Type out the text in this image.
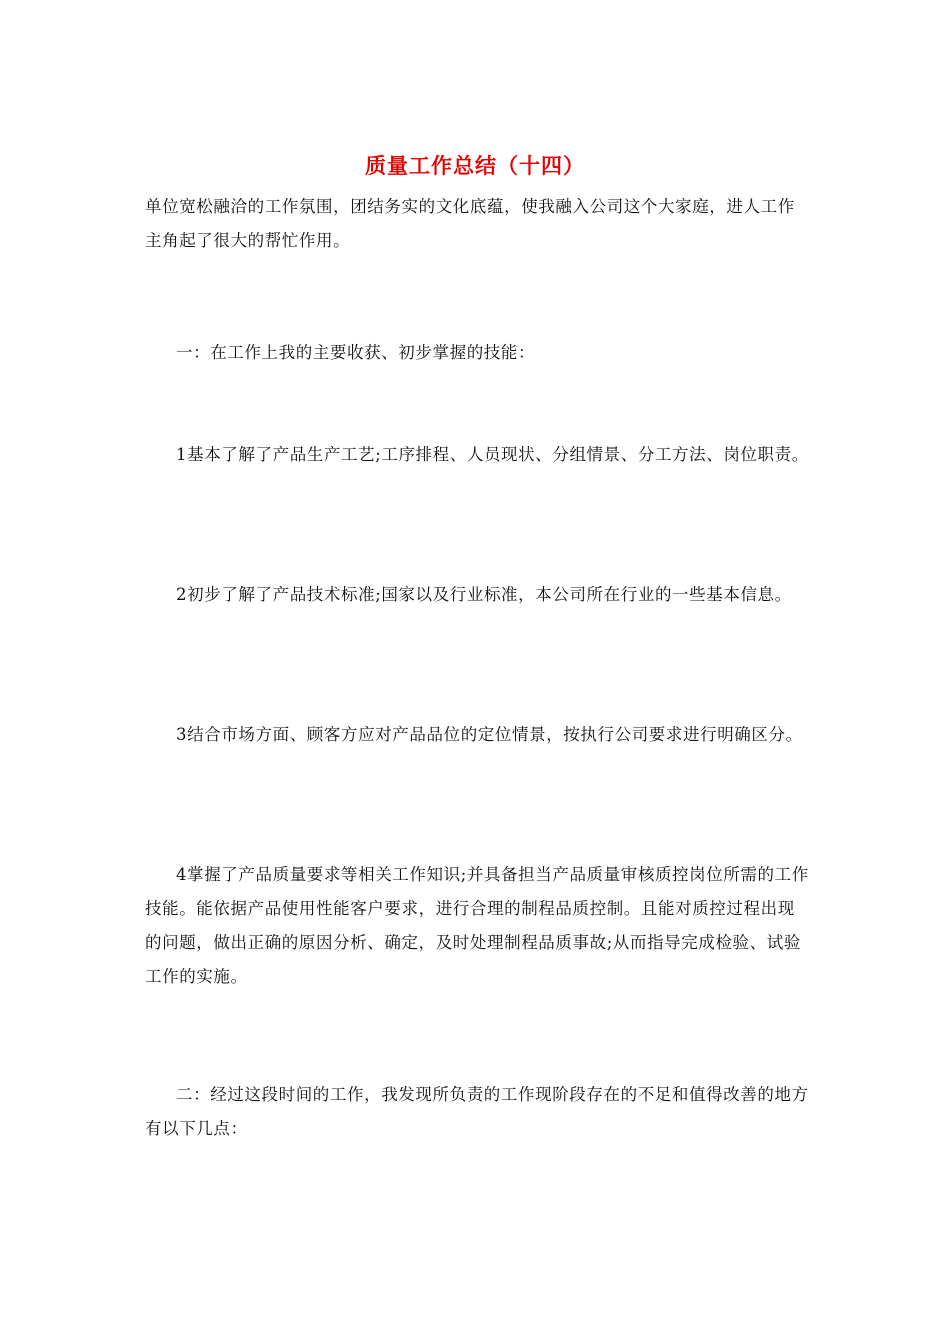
质量工作总结（十四）

单位宽松融洽的工作氛围，团结务实的文化底蕴，使我融入公司这个大家庭，进人工作主角起了很大的帮忙作用。

一：在工作上我的主要收获、初步掌握的技能：

1基本了解了产品生产工艺;工序排程、人员现状、分组情景、分工方法、岗位职责。

2初步了解了产品技术标准;国家以及行业标准，本公司所在行业的一些基本信息。

3结合市场方面、顾客方应对产品品位的定位情景，按执行公司要求进行明确区分。

4掌握了产品质量要求等相关工作知识;并具备担当产品质量审核质控岗位所需的工作技能。能依据产品使用性能客户要求，进行合理的制程品质控制。且能对质控过程出现的问题，做出正确的原因分析、确定，及时处理制程品质事故;从而指导完成检验、试验工作的实施。

二：经过这段时间的工作，我发现所负责的工作现阶段存在的不足和值得改善的地方有以下几点：
